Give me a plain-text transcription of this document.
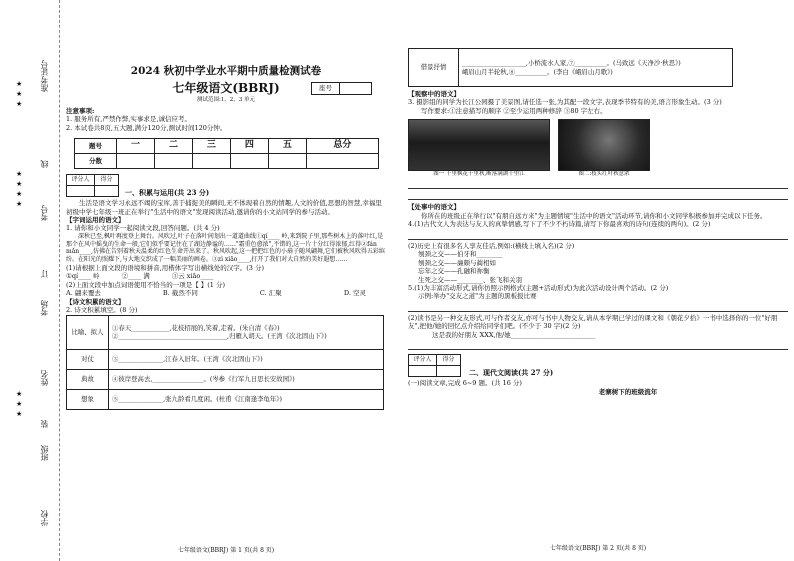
★★★
★★★★
★★★
准考证号
线
考号
订
考场
姓名
装
班级
学校
2024 秋初中学业水平期中质量检测试卷
七年级语文(BBRJ)	座号	
测试范围:1、2、3 单元
注意事项:
1. 服务所有,严禁作弊,实事求是,诚信应考。
2. 本试卷共8页,五大题,满分120分,测试时间120分钟。
题号	一	二	三	四	五	总分
分数						
评分人	得分

一、积累与运用(共 23 分)
生活是语文学习永远不竭的宝库,善于捕捉美的瞬间,无不体现着自然的情趣,人文的价值,思想的智慧,幸福里初级中学七年级一班正在举行"生活中的语文"发现阅读活动,邀请你的小文站同学的参与活动。
【字词运用的语文】
1. 请你和小文同学一起阅读文段,回答问题。(共 4 分)
深秋已至,枫叶再度登上舞台。风吹过,叶子在落叶间划出一道道曲线①qí____ 岭,来到院子里,那些树木上的落叶红,是那个在风中摇曳的生命一般,它们似乎要记住在了湖边静谧的……"霜重色愈浓",不错的,这一片十分红得浓郁,红得②fán mǎn____,仿佛在告别着秋天温柔的红色生命开出来了。秋风吹起,这一把把红色的小扇子随风翩舞,它们被秋风吹得五彩缤纷。在阳光的照耀下,与大地交织成了一幅美丽的画卷。③zì xiāo____,打开了我们对大自然的美好遐想……
(1)请根据上面文段的语境和拼音,用楷体字写出横线处的汉字。(3 分)
①qí____ 岭	②____ 满	③云 xiāo____
(2)上面文段中加点词语使用不恰当的一项是【 】(1 分)
A. 翩来覆去	B. 截然不同	C. 汇聚	D. 空灵
【诗文积累的语文】
2. 诗文积累填空。(8 分)
比喻、拟人	①春天____________,花枝招展的,笑着,走着。(朱自清《春》)
②__________________________________,归雁入胡天。(王湾《次北固山下》)

对仗	③______________,江春入旧年。(王湾《次北固山下》)
典故	④彼岸登高去,________________。(岑参《行军九日思长安故园》)
想象	⑤______________,张九龄看几度闲。(杜甫《江南逢李龟年》)
七年级语文(BBRJ) 第 1 页(共 8 页)
借景抒情	
____________________,小桥流水人家,⑦__________。(马致远《天净沙·秋思》)
峨眉山月半轮秋,⑧__________。(李白《峨眉山月歌》)
【观察中的语文】
3. 摄影组的同学为长江公园摄了美景图,请任选一张,为其配一段文字,表现季节特有的美,语言形象生动。(3 分)
写作要求:①注意描写的顺序 ②至少运用两种修辞 ③80 字左右。
图一 十里枫花十里秋,断落满湖十里江	图二:枝头红叶秋意浓
【处事中的语文】
你所在的班级正在举行以"有朋自远方来"为主题情境"生活中的语文"活动环节,请你和小文同学积极参加并完成以下任务。
4.(1)古代文人为表达与友人的真挚情感,写下了不少不朽诗篇,请写下你最喜欢的诗句(连续的两句)。(2 分)
(2)历史上有很多名人享友佳话,例如:(横线上填入名)(2 分)
刎颈之交——伯牙和________
刎颈之交——廉颇与蔺相如
忘年之交——孔融和祢衡
生死之交——________、张飞和关羽
5.(1)为丰富活动形式,请你仿照示例格式(主题+活动形式)为此次活动设计两个活动。(2 分)
示例:举办"交友之道"为主题的黑板报比赛
(2)读书是另一种交友形式,可与作者交友,亦可与书中人物交友,请从本学期已学过的课文和《朝花夕拾》一书中选择你的一位"好朋友",把他/她的回忆点介绍给同学们吧。(不少于 30 字)(2 分)
这是我的好朋友 XXX,他/她__________________________
评分人	得分

二、现代文阅读(共 27 分)
(一)阅读文章,完成 6~9 题。(共 16 分)
老寨树下的班级流年
七年级语文(BBRJ) 第 2 页(共 8 页)
